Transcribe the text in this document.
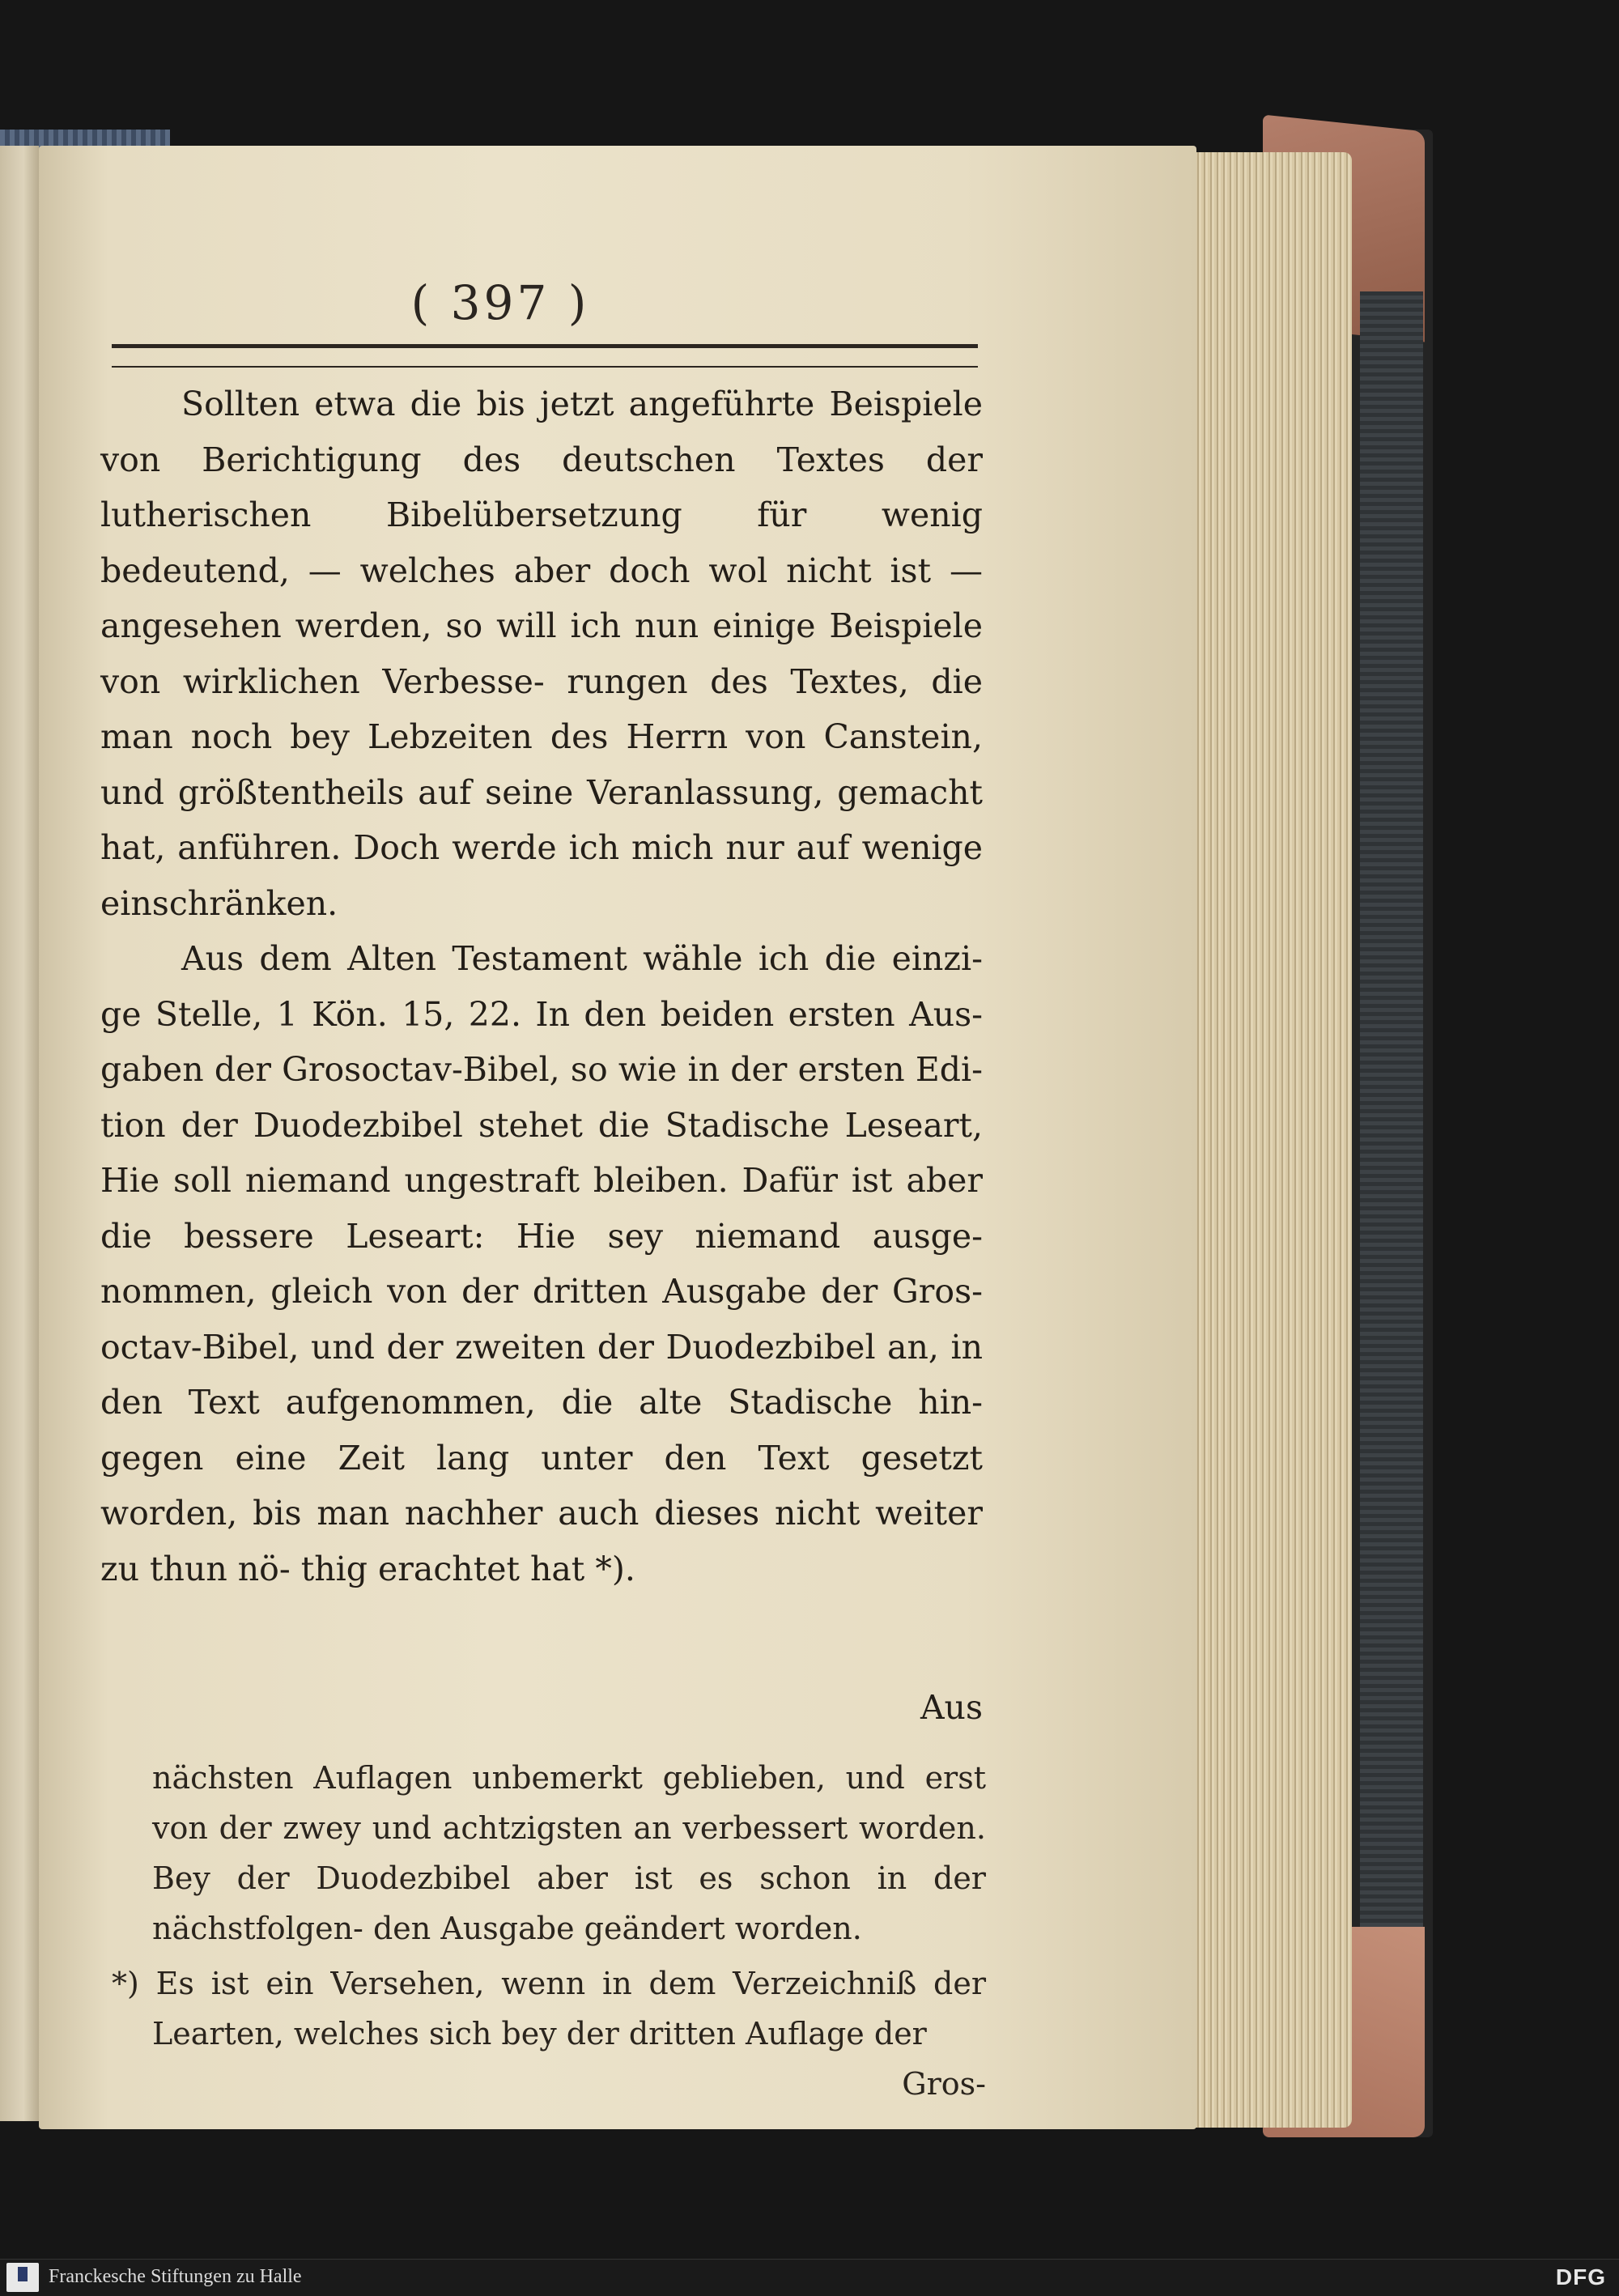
( 397 )

Sollten etwa die bis jetzt angeführte Beispiele von Berichtigung des deutschen Textes der lutherischen Bibelübersetzung für wenig bedeutend, — welches aber doch wol nicht ist — angesehen werden, so will ich nun einige Beispiele von wirklichen Verbesse- rungen des Textes, die man noch bey Lebzeiten des Herrn von Canstein, und größtentheils auf seine Veranlassung, gemacht hat, anführen. Doch werde ich mich nur auf wenige einschränken.

Aus dem Alten Testament wähle ich die einzi- ge Stelle, 1 Kön. 15, 22. In den beiden ersten Aus- gaben der Grosoctav-Bibel, so wie in der ersten Edi- tion der Duodezbibel stehet die Stadische Leseart, Hie soll niemand ungestraft bleiben. Dafür ist aber die bessere Leseart: Hie sey niemand ausge- nommen, gleich von der dritten Ausgabe der Gros- octav-Bibel, und der zweiten der Duodezbibel an, in den Text aufgenommen, die alte Stadische hin- gegen eine Zeit lang unter den Text gesetzt worden, bis man nachher auch dieses nicht weiter zu thun nö- thig erachtet hat *).

Aus

nächsten Auflagen unbemerkt geblieben, und erst von der zwey und achtzigsten an verbessert worden. Bey der Duodezbibel aber ist es schon in der nächstfolgen- den Ausgabe geändert worden.

*) Es ist ein Versehen, wenn in dem Verzeichniß der Learten, welches sich bey der dritten Auflage der

Gros-

Franckesche Stiftungen zu Halle	DFG
